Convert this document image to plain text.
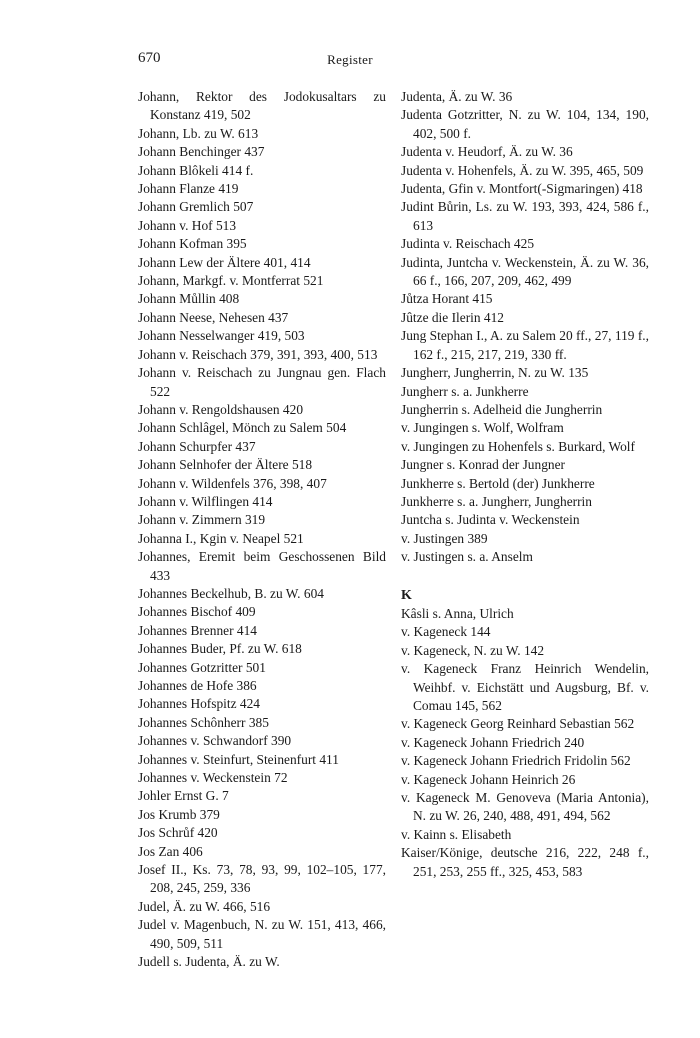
670	Register
Johann, Rektor des Jodokusaltars zu Konstanz 419, 502
Johann, Lb. zu W. 613
Johann Benchinger 437
Johann Blôkeli 414 f.
Johann Flanze 419
Johann Gremlich 507
Johann v. Hof 513
Johann Kofman 395
Johann Lew der Ältere 401, 414
Johann, Markgf. v. Montferrat 521
Johann Můllin 408
Johann Neese, Nehesen 437
Johann Nesselwanger 419, 503
Johann v. Reischach 379, 391, 393, 400, 513
Johann v. Reischach zu Jungnau gen. Flach 522
Johann v. Rengoldshausen 420
Johann Schlâgel, Mönch zu Salem 504
Johann Schurpfer 437
Johann Selnhofer der Ältere 518
Johann v. Wildenfels 376, 398, 407
Johann v. Wilflingen 414
Johann v. Zimmern 319
Johanna I., Kgin v. Neapel 521
Johannes, Eremit beim Geschossenen Bild 433
Johannes Beckelhub, B. zu W. 604
Johannes Bischof 409
Johannes Brenner 414
Johannes Buder, Pf. zu W. 618
Johannes Gotzritter 501
Johannes de Hofe 386
Johannes Hofspitz 424
Johannes Schônherr 385
Johannes v. Schwandorf 390
Johannes v. Steinfurt, Steinenfurt 411
Johannes v. Weckenstein 72
Johler Ernst G. 7
Jos Krumb 379
Jos Schrůf 420
Jos Zan 406
Josef II., Ks. 73, 78, 93, 99, 102–105, 177, 208, 245, 259, 336
Judel, Ä. zu W. 466, 516
Judel v. Magenbuch, N. zu W. 151, 413, 466, 490, 509, 511
Judell s. Judenta, Ä. zu W.
Judenta, Ä. zu W. 36
Judenta Gotzritter, N. zu W. 104, 134, 190, 402, 500 f.
Judenta v. Heudorf, Ä. zu W. 36
Judenta v. Hohenfels, Ä. zu W. 395, 465, 509
Judenta, Gfin v. Montfort(-Sigmaringen) 418
Judint Bůrin, Ls. zu W. 193, 393, 424, 586 f., 613
Judinta v. Reischach 425
Judinta, Juntcha v. Weckenstein, Ä. zu W. 36, 66 f., 166, 207, 209, 462, 499
Jůtza Horant 415
Jûtze die Ilerin 412
Jung Stephan I., A. zu Salem 20 ff., 27, 119 f., 162 f., 215, 217, 219, 330 ff.
Jungherr, Jungherrin, N. zu W. 135
Jungherr s. a. Junkherre
Jungherrin s. Adelheid die Jungherrin
v. Jungingen s. Wolf, Wolfram
v. Jungingen zu Hohenfels s. Burkard, Wolf
Jungner s. Konrad der Jungner
Junkherre s. Bertold (der) Junkherre
Junkherre s. a. Jungherr, Jungherrin
Juntcha s. Judinta v. Weckenstein
v. Justingen 389
v. Justingen s. a. Anselm
K
Kâsli s. Anna, Ulrich
v. Kageneck 144
v. Kageneck, N. zu W. 142
v. Kageneck Franz Heinrich Wendelin, Weihbf. v. Eichstätt und Augsburg, Bf. v. Comau 145, 562
v. Kageneck Georg Reinhard Sebastian 562
v. Kageneck Johann Friedrich 240
v. Kageneck Johann Friedrich Fridolin 562
v. Kageneck Johann Heinrich 26
v. Kageneck M. Genoveva (Maria Antonia), N. zu W. 26, 240, 488, 491, 494, 562
v. Kainn s. Elisabeth
Kaiser/Könige, deutsche 216, 222, 248 f., 251, 253, 255 ff., 325, 453, 583
